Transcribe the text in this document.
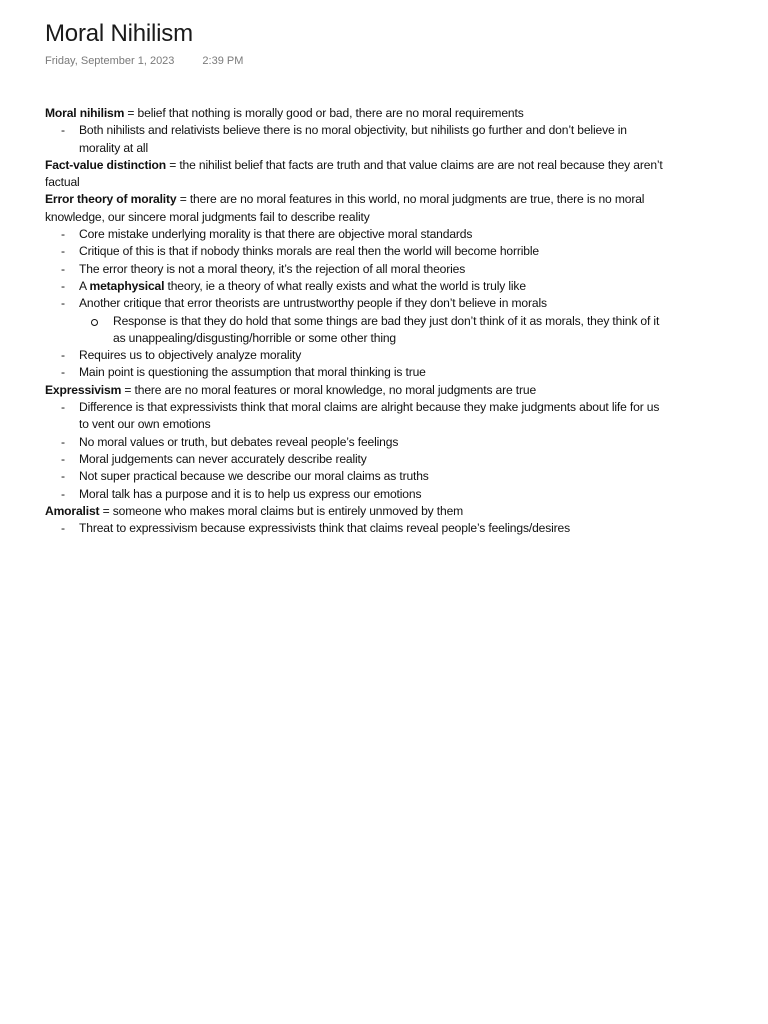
Moral Nihilism
Friday, September 1, 2023	2:39 PM

Moral nihilism = belief that nothing is morally good or bad, there are no moral requirements

- Both nihilists and relativists believe there is no moral objectivity, but nihilists go further and don’t believe in morality at all

Fact-value distinction = the nihilist belief that facts are truth and that value claims are are not real because they aren’t factual

Error theory of morality = there are no moral features in this world, no moral judgments are true, there is no moral knowledge, our sincere moral judgments fail to describe reality

- Core mistake underlying morality is that there are objective moral standards
- Critique of this is that if nobody thinks morals are real then the world will become horrible
- The error theory is not a moral theory, it’s the rejection of all moral theories
- A metaphysical theory, ie a theory of what really exists and what the world is truly like
- Another critique that error theorists are untrustworthy people if they don’t believe in morals
Response is that they do hold that some things are bad they just don’t think of it as morals, they think of it as unappealing/disgusting/horrible or some other thing
- Requires us to objectively analyze morality
- Main point is questioning the assumption that moral thinking is true

Expressivism = there are no moral features or moral knowledge, no moral judgments are true

- Difference is that expressivists think that moral claims are alright because they make judgments about life for us to vent our own emotions
- No moral values or truth, but debates reveal people’s feelings
- Moral judgements can never accurately describe reality
- Not super practical because we describe our moral claims as truths
- Moral talk has a purpose and it is to help us express our emotions

Amoralist = someone who makes moral claims but is entirely unmoved by them

- Threat to expressivism because expressivists think that claims reveal people’s feelings/desires
